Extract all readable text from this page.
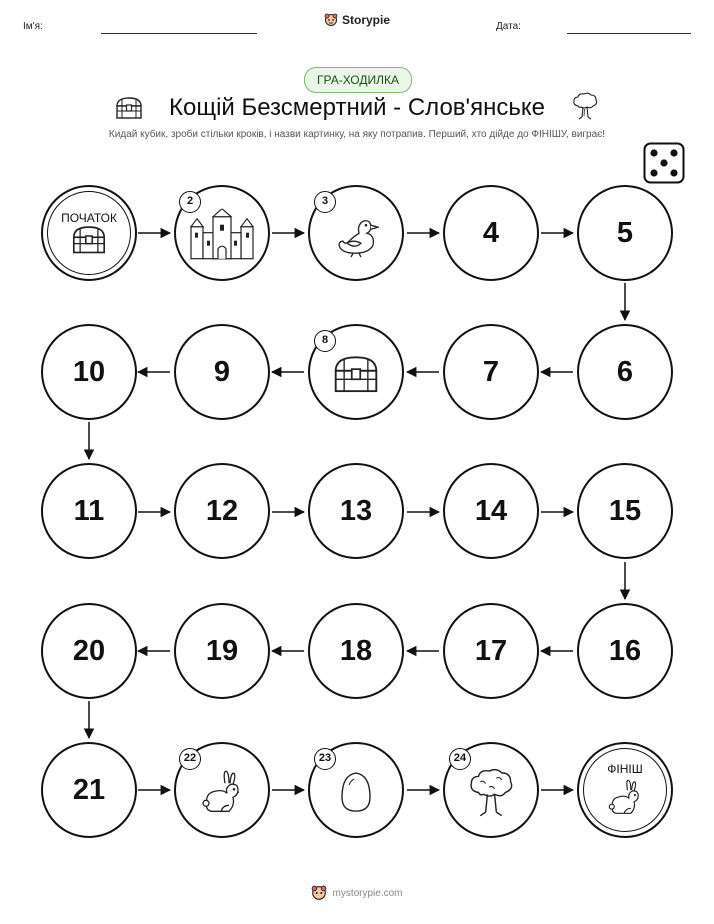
Ім'я:	Storypie	Дата:
ГРА-ХОДИЛКА
Кощій Безсмертний - Слов'янське
Кидай кубик, зроби стільки кроків, і назви картинку, на яку потрапив. Перший, хто дійде до ФІНІШУ, виграє!
ПОЧАТОК
2	3
4	5
6
7
8
9
10
11	12	13	14	15
16
17
18
19
20
21
22	23	24
ФІНІШ
mystorypie.com
